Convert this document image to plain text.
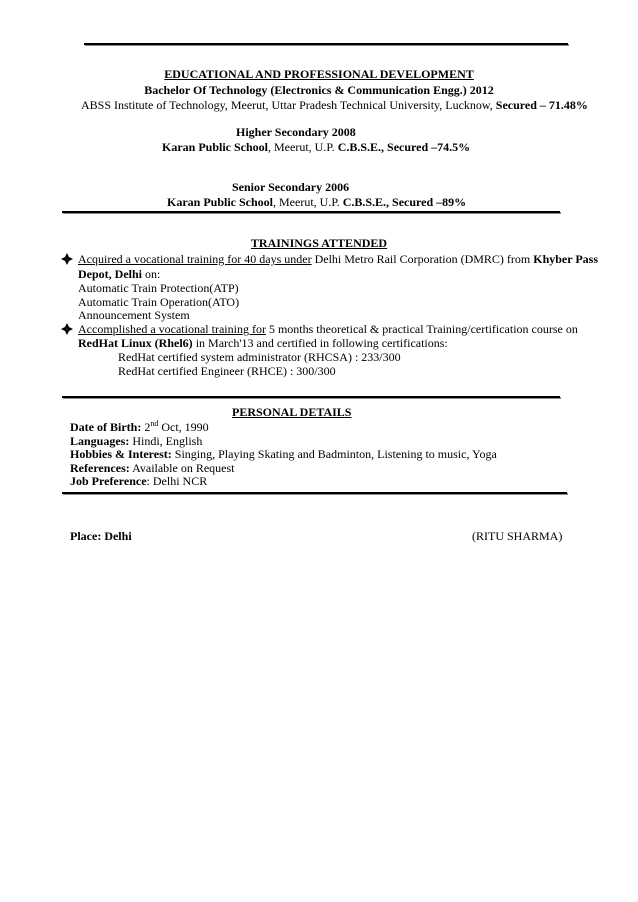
EDUCATIONAL AND PROFESSIONAL DEVELOPMENT
Bachelor Of Technology (Electronics & Communication Engg.) 2012
ABSS Institute of Technology, Meerut, Uttar Pradesh Technical University, Lucknow, Secured – 71.48%
Higher Secondary 2008
Karan Public School, Meerut, U.P. C.B.S.E., Secured –74.5%
Senior Secondary 2006
Karan Public School, Meerut, U.P. C.B.S.E., Secured –89%
TRAININGS ATTENDED
Acquired a vocational training for 40 days under Delhi Metro Rail Corporation (DMRC) from Khyber Pass
Depot, Delhi on:
Automatic Train Protection(ATP)
Automatic Train Operation(ATO)
Announcement System
Accomplished a vocational training for 5 months theoretical & practical Training/certification course on
RedHat Linux (Rhel6) in March'13 and certified in following certifications:
RedHat certified system administrator (RHCSA) : 233/300
RedHat certified Engineer (RHCE) : 300/300
PERSONAL DETAILS
Date of Birth: 2nd Oct, 1990
Languages: Hindi, English
Hobbies & Interest: Singing, Playing Skating and Badminton, Listening to music, Yoga
References: Available on Request
Job Preference: Delhi NCR
Place: Delhi	(RITU SHARMA)
